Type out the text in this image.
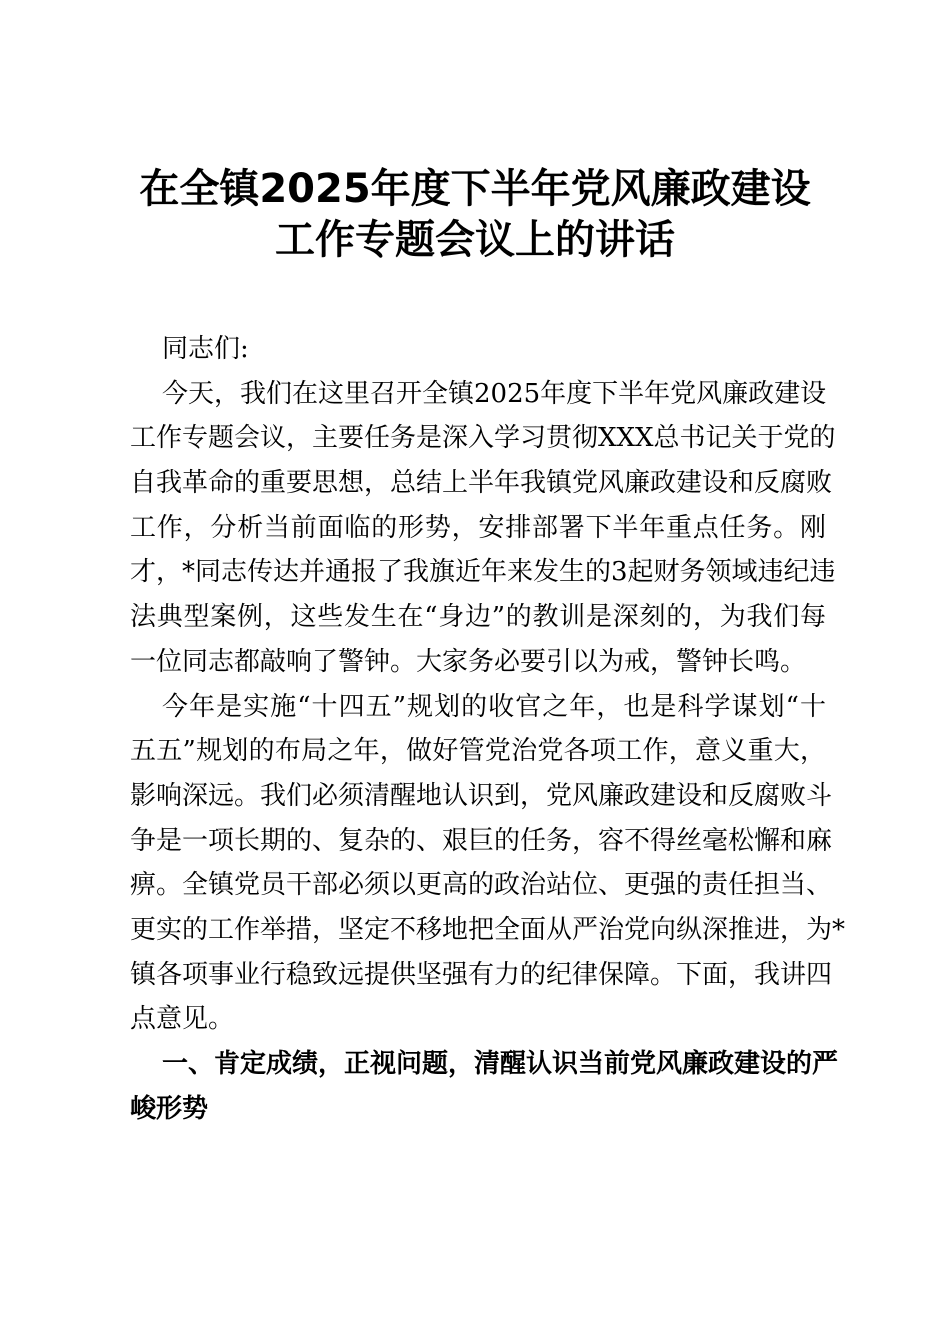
在全镇2025年度下半年党风廉政建设
工作专题会议上的讲话
同志们:
今天，我们在这里召开全镇2025年度下半年党风廉政建设
工作专题会议，主要任务是深入学习贯彻XXX总书记关于党的
自我革命的重要思想，总结上半年我镇党风廉政建设和反腐败
工作，分析当前面临的形势，安排部署下半年重点任务。刚
才，*同志传达并通报了我旗近年来发生的3起财务领域违纪违
法典型案例，这些发生在“身边”的教训是深刻的，为我们每
一位同志都敲响了警钟。大家务必要引以为戒，警钟长鸣。
今年是实施“十四五”规划的收官之年，也是科学谋划“十
五五”规划的布局之年，做好管党治党各项工作，意义重大，
影响深远。我们必须清醒地认识到，党风廉政建设和反腐败斗
争是一项长期的、复杂的、艰巨的任务，容不得丝毫松懈和麻
痹。全镇党员干部必须以更高的政治站位、更强的责任担当、
更实的工作举措，坚定不移地把全面从严治党向纵深推进，为*
镇各项事业行稳致远提供坚强有力的纪律保障。下面，我讲四
点意见。
一、肯定成绩，正视问题，清醒认识当前党风廉政建设的严
峻形势
